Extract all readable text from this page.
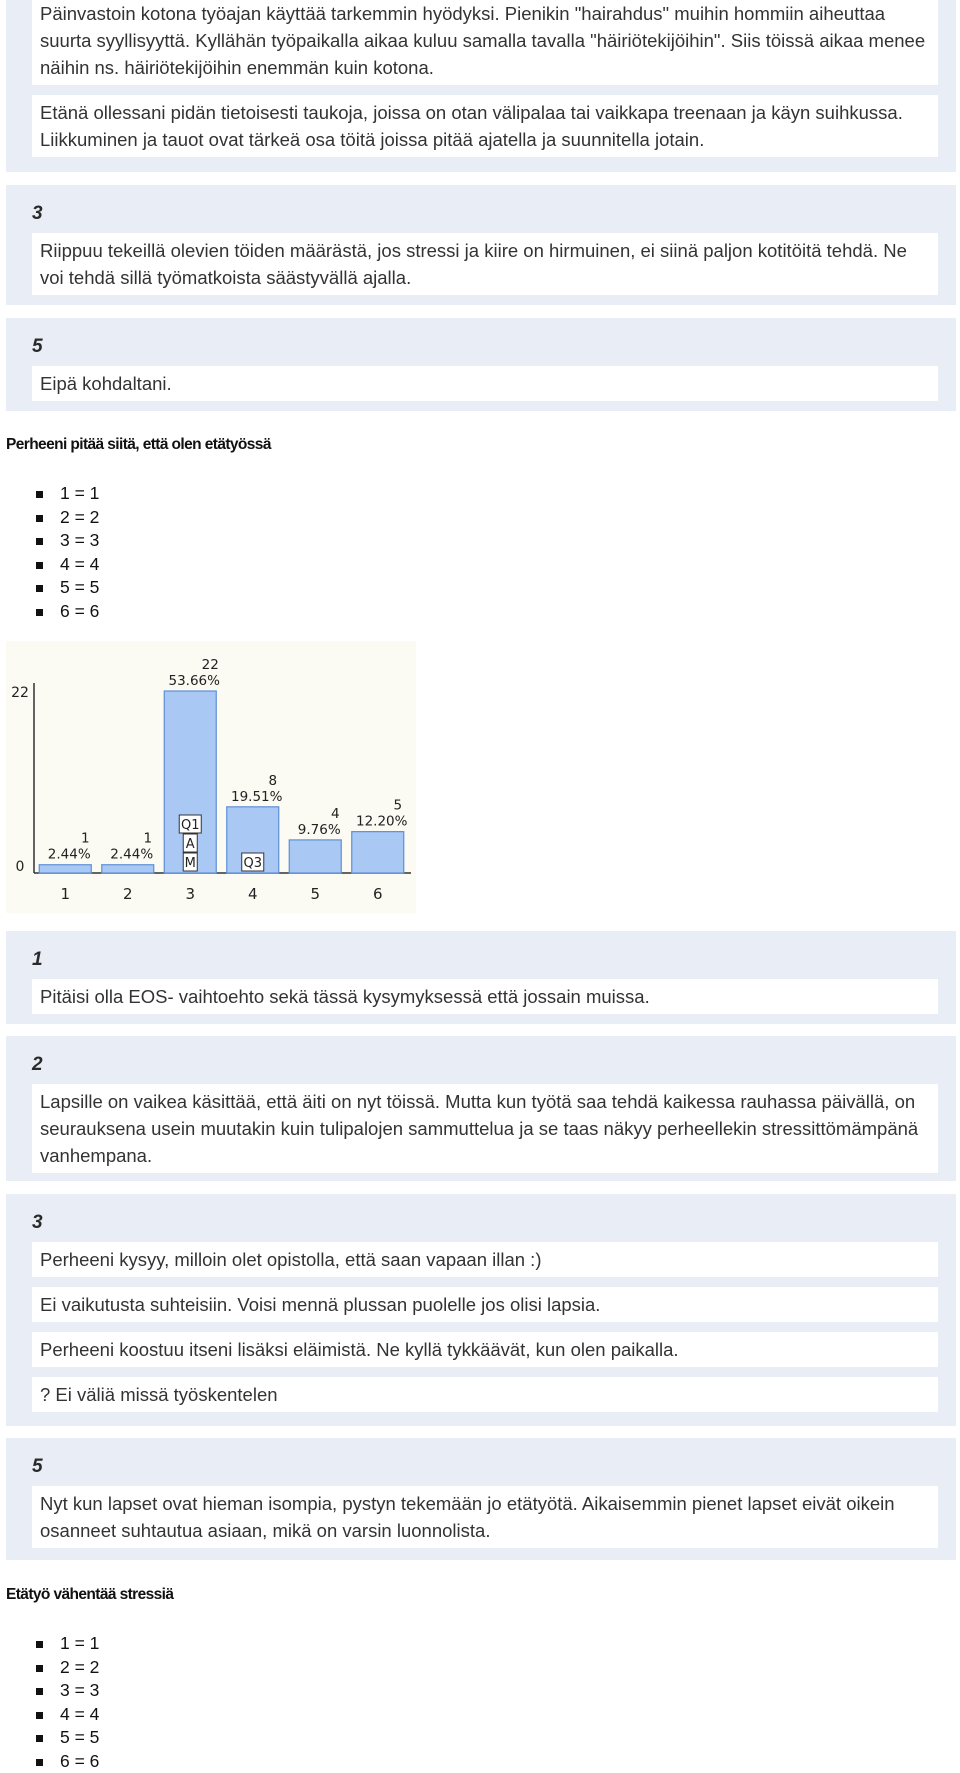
Päinvastoin kotona työajan käyttää tarkemmin hyödyksi. Pienikin "hairahdus" muihin hommiin aiheuttaa suurta syyllisyyttä. Kyllähän työpaikalla aikaa kuluu samalla tavalla "häiriötekijöihin". Siis töissä aikaa menee näihin ns. häiriötekijöihin enemmän kuin kotona.
Etänä ollessani pidän tietoisesti taukoja, joissa on otan välipalaa tai vaikkapa treenaan ja käyn suihkussa. Liikkuminen ja tauot ovat tärkeä osa töitä joissa pitää ajatella ja suunnitella jotain.
3
Riippuu tekeillä olevien töiden määrästä, jos stressi ja kiire on hirmuinen, ei siinä paljon kotitöitä tehdä. Ne voi tehdä sillä työmatkoista säästyvällä ajalla.
5
Eipä kohdaltani.
Perheeni pitää siitä, että olen etätyössä
1 = 1
2 = 2
3 = 3
4 = 4
5 = 5
6 = 6
0
22
1
2.44%
1
2
2.44%
1
3
53.66%
22
4
19.51%
8
5
9.76%
4
6
12.20%
5
Q1
A
M	Q3
1
Pitäisi olla EOS- vaihtoehto sekä tässä kysymyksessä että jossain muissa.
2
Lapsille on vaikea käsittää, että äiti on nyt töissä. Mutta kun työtä saa tehdä kaikessa rauhassa päivällä, on seurauksena usein muutakin kuin tulipalojen sammuttelua ja se taas näkyy perheellekin stressittömämpänä vanhempana.
3
Perheeni kysyy, milloin olet opistolla, että saan vapaan illan :)
Ei vaikutusta suhteisiin. Voisi mennä plussan puolelle jos olisi lapsia.
Perheeni koostuu itseni lisäksi eläimistä. Ne kyllä tykkäävät, kun olen paikalla.
? Ei väliä missä työskentelen
5
Nyt kun lapset ovat hieman isompia, pystyn tekemään jo etätyötä. Aikaisemmin pienet lapset eivät oikein osanneet suhtautua asiaan, mikä on varsin luonnolista.
Etätyö vähentää stressiä
1 = 1
2 = 2
3 = 3
4 = 4
5 = 5
6 = 6
